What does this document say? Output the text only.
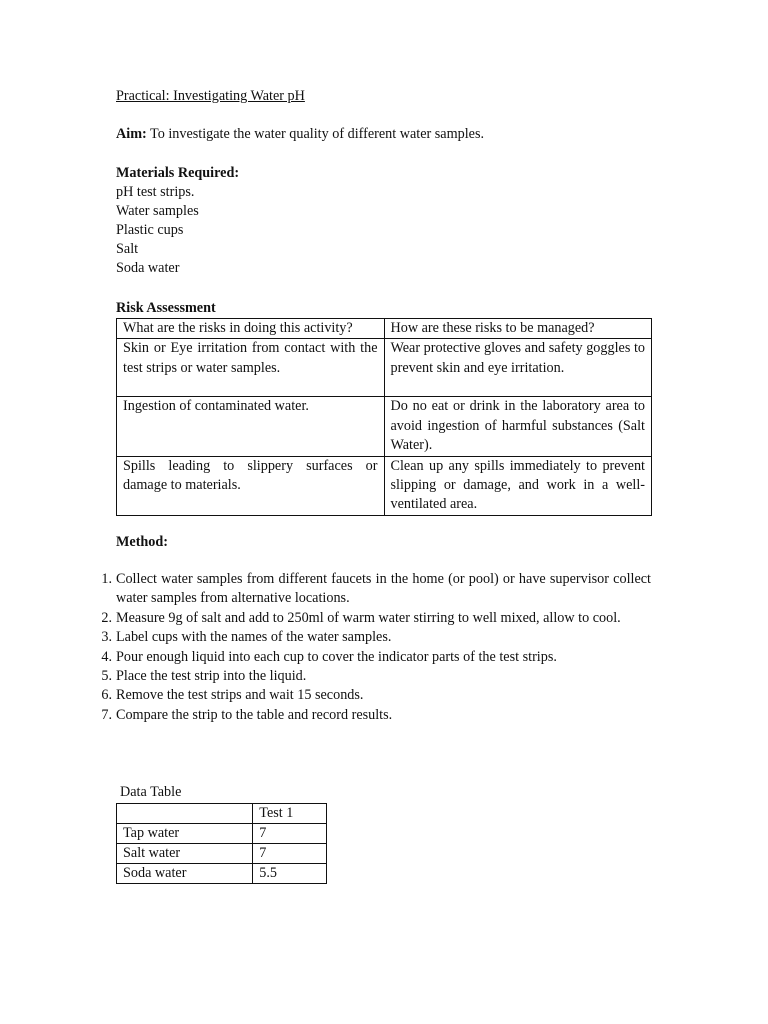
Practical: Investigating Water pH
Aim: To investigate the water quality of different water samples.
Materials Required:
pH test strips.
Water samples
Plastic cups
Salt
Soda water
Risk Assessment
What are the risks in doing this activity?	How are these risks to be managed?
Skin or Eye irritation from contact with the test strips or water samples.	Wear protective gloves and safety goggles to prevent skin and eye irritation.
Ingestion of contaminated water.	Do no eat or drink in the laboratory area to avoid ingestion of harmful substances (Salt Water).
Spills leading to slippery surfaces or damage to materials.	Clean up any spills immediately to prevent slipping or damage, and work in a well-ventilated area.
Method:
1. Collect water samples from different faucets in the home (or pool) or have supervisor collect water samples from alternative locations.
2. Measure 9g of salt and add to 250ml of warm water stirring to well mixed, allow to cool.
3. Label cups with the names of the water samples.
4. Pour enough liquid into each cup to cover the indicator parts of the test strips.
5. Place the test strip into the liquid.
6. Remove the test strips and wait 15 seconds.
7. Compare the strip to the table and record results.
Data Table
	Test 1
Tap water	7
Salt water	7
Soda water	5.5
